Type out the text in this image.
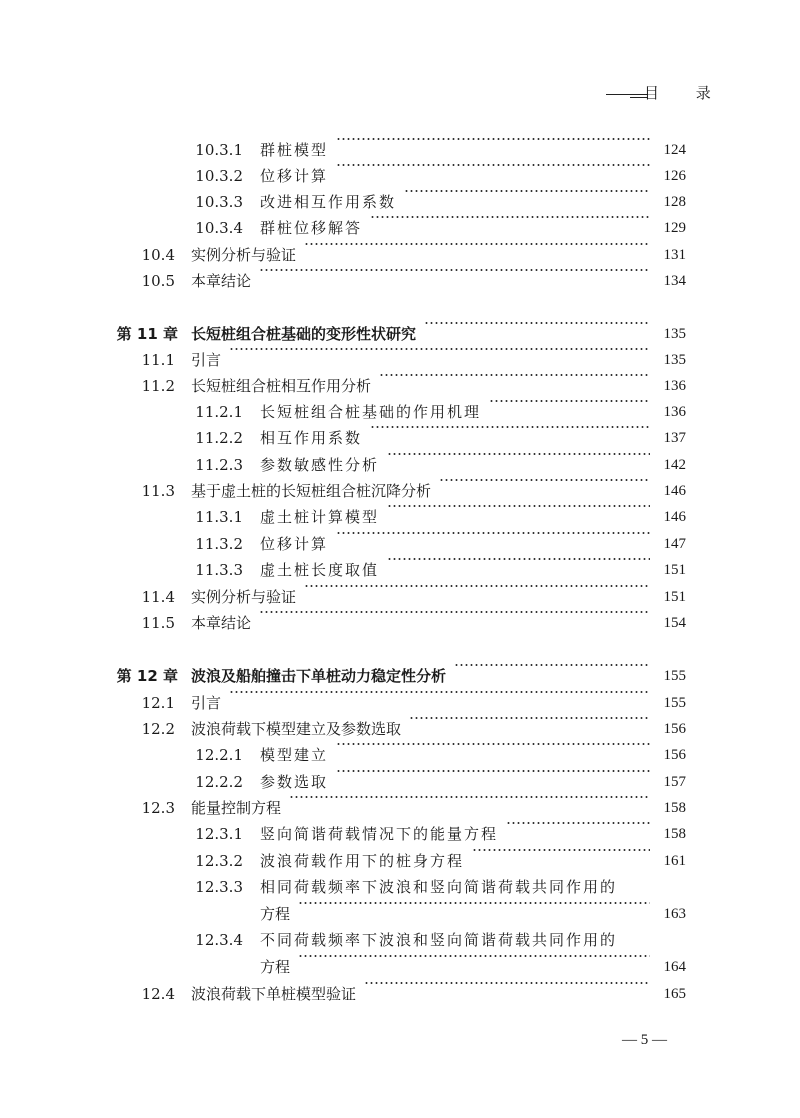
目 录
10.3.1 群桩模型	124
10.3.2 位移计算	126
10.3.3 改进相互作用系数	128
10.3.4 群桩位移解答	129
10.4 实例分析与验证	131
10.5 本章结论	134
第 11 章 长短桩组合桩基础的变形性状研究	135
11.1 引言	135
11.2 长短桩组合桩相互作用分析	136
11.2.1 长短桩组合桩基础的作用机理	136
11.2.2 相互作用系数	137
11.2.3 参数敏感性分析	142
11.3 基于虚土桩的长短桩组合桩沉降分析	146
11.3.1 虚土桩计算模型	146
11.3.2 位移计算	147
11.3.3 虚土桩长度取值	151
11.4 实例分析与验证	151
11.5 本章结论	154
第 12 章 波浪及船舶撞击下单桩动力稳定性分析	155
12.1 引言	155
12.2 波浪荷载下模型建立及参数选取	156
12.2.1 模型建立	156
12.2.2 参数选取	157
12.3 能量控制方程	158
12.3.1 竖向简谐荷载情况下的能量方程	158
12.3.2 波浪荷载作用下的桩身方程	161
12.3.3 相同荷载频率下波浪和竖向简谐荷载共同作用的
方程	163
12.3.4 不同荷载频率下波浪和竖向简谐荷载共同作用的
方程	164
12.4 波浪荷载下单桩模型验证	165
— 5 —
